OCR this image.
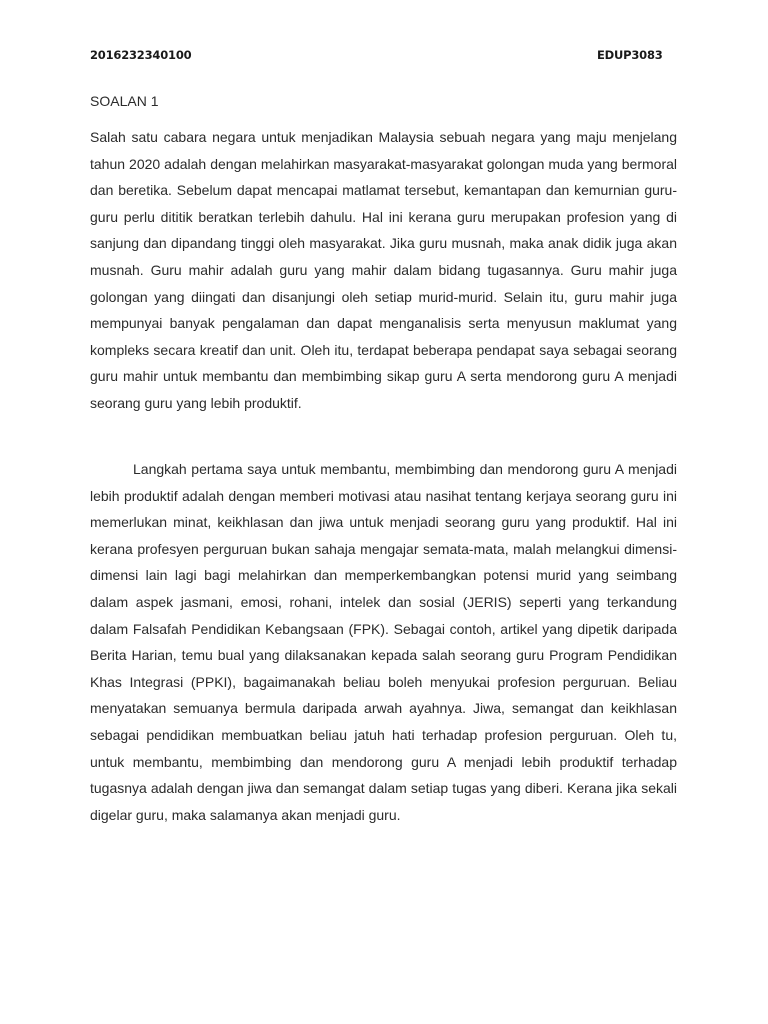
2016232340100	EDUP3083
SOALAN 1

Salah satu cabara negara untuk menjadikan Malaysia sebuah negara yang maju menjelang tahun 2020 adalah dengan melahirkan masyarakat-masyarakat golongan muda yang bermoral dan beretika. Sebelum dapat mencapai matlamat tersebut, kemantapan dan kemurnian guru-guru perlu dititik beratkan terlebih dahulu. Hal ini kerana guru merupakan profesion yang di sanjung dan dipandang tinggi oleh masyarakat. Jika guru musnah, maka anak didik juga akan musnah. Guru mahir adalah guru yang mahir dalam bidang tugasannya. Guru mahir juga golongan yang diingati dan disanjungi oleh setiap murid-murid. Selain itu, guru mahir juga mempunyai banyak pengalaman dan dapat menganalisis serta menyusun maklumat yang kompleks secara kreatif dan unit. Oleh itu, terdapat beberapa pendapat saya sebagai seorang guru mahir untuk membantu dan membimbing sikap guru A serta mendorong guru A menjadi seorang guru yang lebih produktif.

Langkah pertama saya untuk membantu, membimbing dan mendorong guru A menjadi lebih produktif adalah dengan memberi motivasi atau nasihat tentang kerjaya seorang guru ini memerlukan minat, keikhlasan dan jiwa untuk menjadi seorang guru yang produktif. Hal ini kerana profesyen perguruan bukan sahaja mengajar semata-mata, malah melangkui dimensi-dimensi lain lagi bagi melahirkan dan memperkembangkan potensi murid yang seimbang dalam aspek jasmani, emosi, rohani, intelek dan sosial (JERIS) seperti yang terkandung dalam Falsafah Pendidikan Kebangsaan (FPK). Sebagai contoh, artikel yang dipetik daripada Berita Harian, temu bual yang dilaksanakan kepada salah seorang guru Program Pendidikan Khas Integrasi (PPKI), bagaimanakah beliau boleh menyukai profesion perguruan. Beliau menyatakan semuanya bermula daripada arwah ayahnya. Jiwa, semangat dan keikhlasan sebagai pendidikan membuatkan beliau jatuh hati terhadap profesion perguruan. Oleh tu, untuk membantu, membimbing dan mendorong guru A menjadi lebih produktif terhadap tugasnya adalah dengan jiwa dan semangat dalam setiap tugas yang diberi. Kerana jika sekali digelar guru, maka salamanya akan menjadi guru.
